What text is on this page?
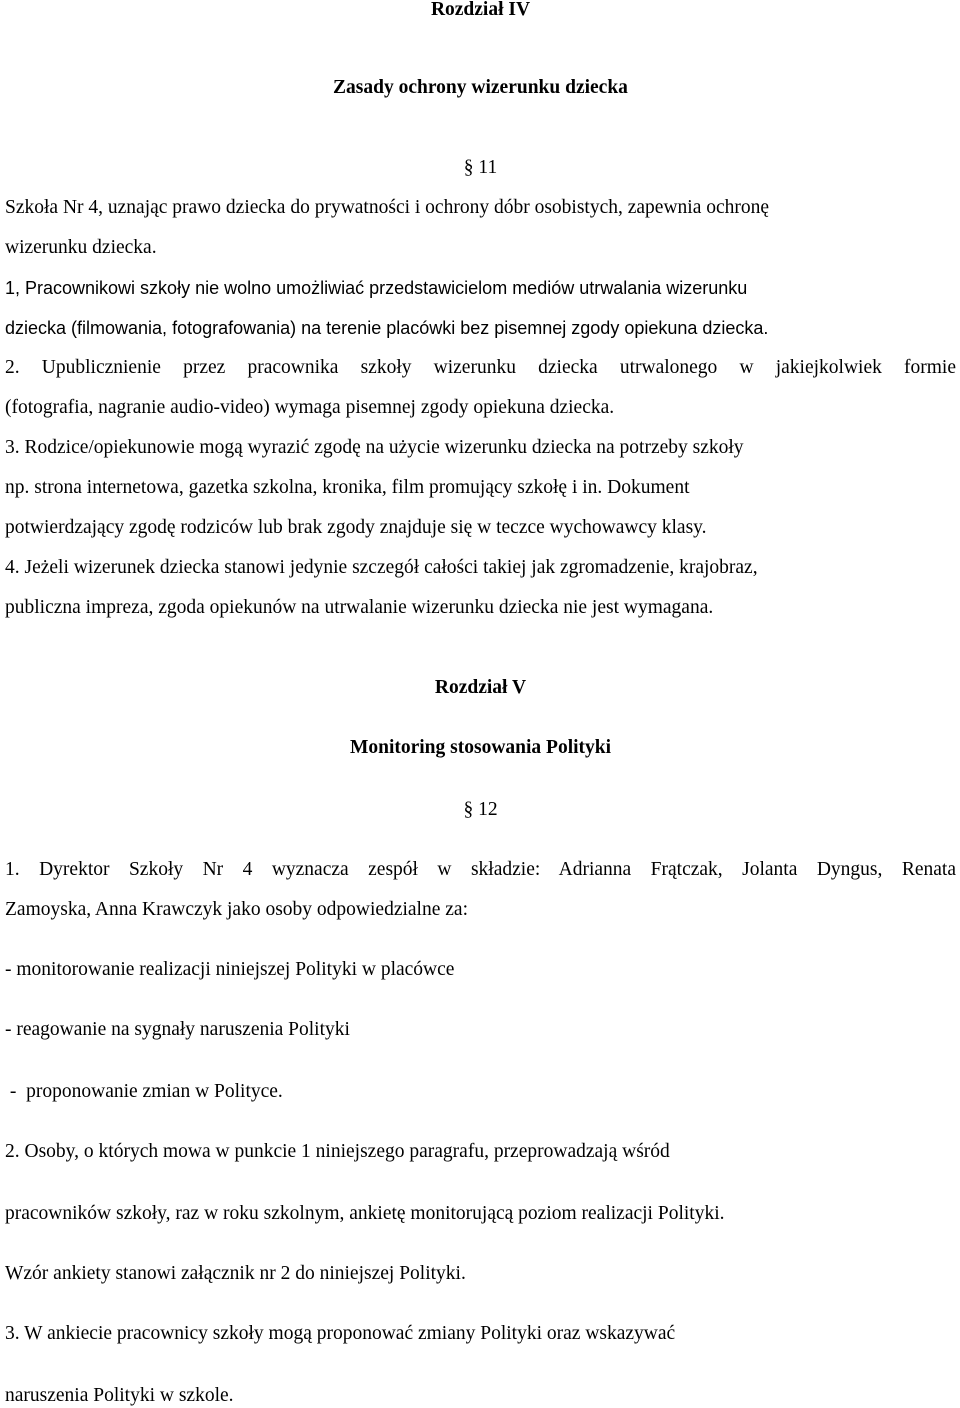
Rozdział IV
Zasady ochrony wizerunku dziecka
§ 11
Szkoła Nr 4, uznając prawo dziecka do prywatności i ochrony dóbr osobistych, zapewnia ochronę
wizerunku dziecka.
1, Pracownikowi szkoły nie wolno umożliwiać przedstawicielom mediów utrwalania wizerunku
dziecka (filmowania, fotografowania) na terenie placówki bez pisemnej zgody opiekuna dziecka.
2. Upublicznienie przez pracownika szkoły wizerunku dziecka utrwalonego w jakiejkolwiek formie
(fotografia, nagranie audio-video) wymaga pisemnej zgody opiekuna dziecka.
3. Rodzice/opiekunowie mogą wyrazić zgodę na użycie wizerunku dziecka na potrzeby szkoły
np. strona internetowa, gazetka szkolna, kronika, film promujący szkołę i in. Dokument
potwierdzający zgodę rodziców lub brak zgody znajduje się w teczce wychowawcy klasy.
4. Jeżeli wizerunek dziecka stanowi jedynie szczegół całości takiej jak zgromadzenie, krajobraz,
publiczna impreza, zgoda opiekunów na utrwalanie wizerunku dziecka nie jest wymagana.
Rozdział V
Monitoring stosowania Polityki
§ 12
1. Dyrektor Szkoły Nr 4 wyznacza zespół w składzie: Adrianna Frątczak, Jolanta Dyngus, Renata
Zamoyska, Anna Krawczyk jako osoby odpowiedzialne za:
- monitorowanie realizacji niniejszej Polityki w placówce
- reagowanie na sygnały naruszenia Polityki
-  proponowanie zmian w Polityce.
2. Osoby, o których mowa w punkcie 1 niniejszego paragrafu, przeprowadzają wśród
pracowników szkoły, raz w roku szkolnym, ankietę monitorującą poziom realizacji Polityki.
Wzór ankiety stanowi załącznik nr 2 do niniejszej Polityki.
3. W ankiecie pracownicy szkoły mogą proponować zmiany Polityki oraz wskazywać
naruszenia Polityki w szkole.
